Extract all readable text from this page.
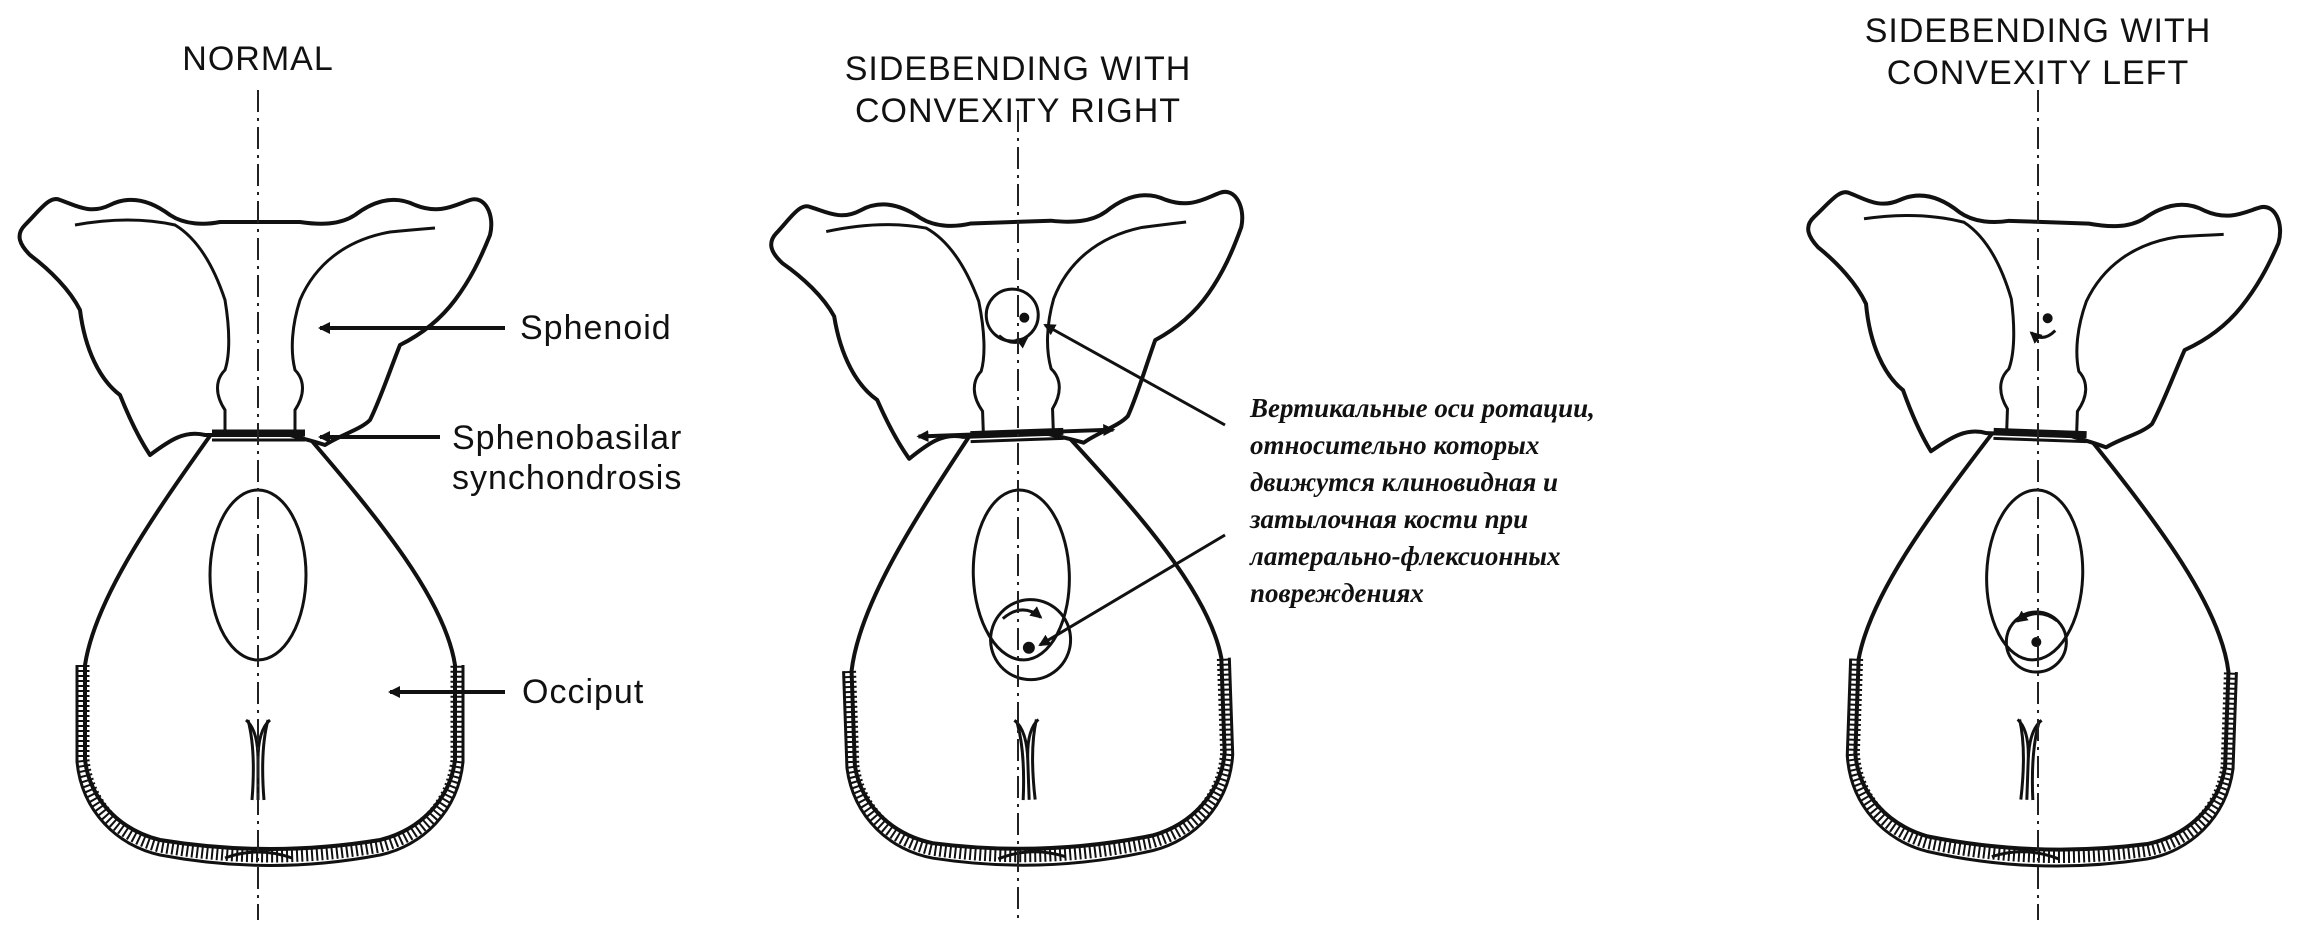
NORMAL	SIDEBENDING WITH
CONVEXITY RIGHT
SIDEBENDING WITH
CONVEXITY LEFT
Sphenoid
Sphenobasilar
synchondrosis
Occiput
Вертикальные оси ротации,
относительно которых
движутся клиновидная и
затылочная кости при
латерально-флексионных
повреждениях
